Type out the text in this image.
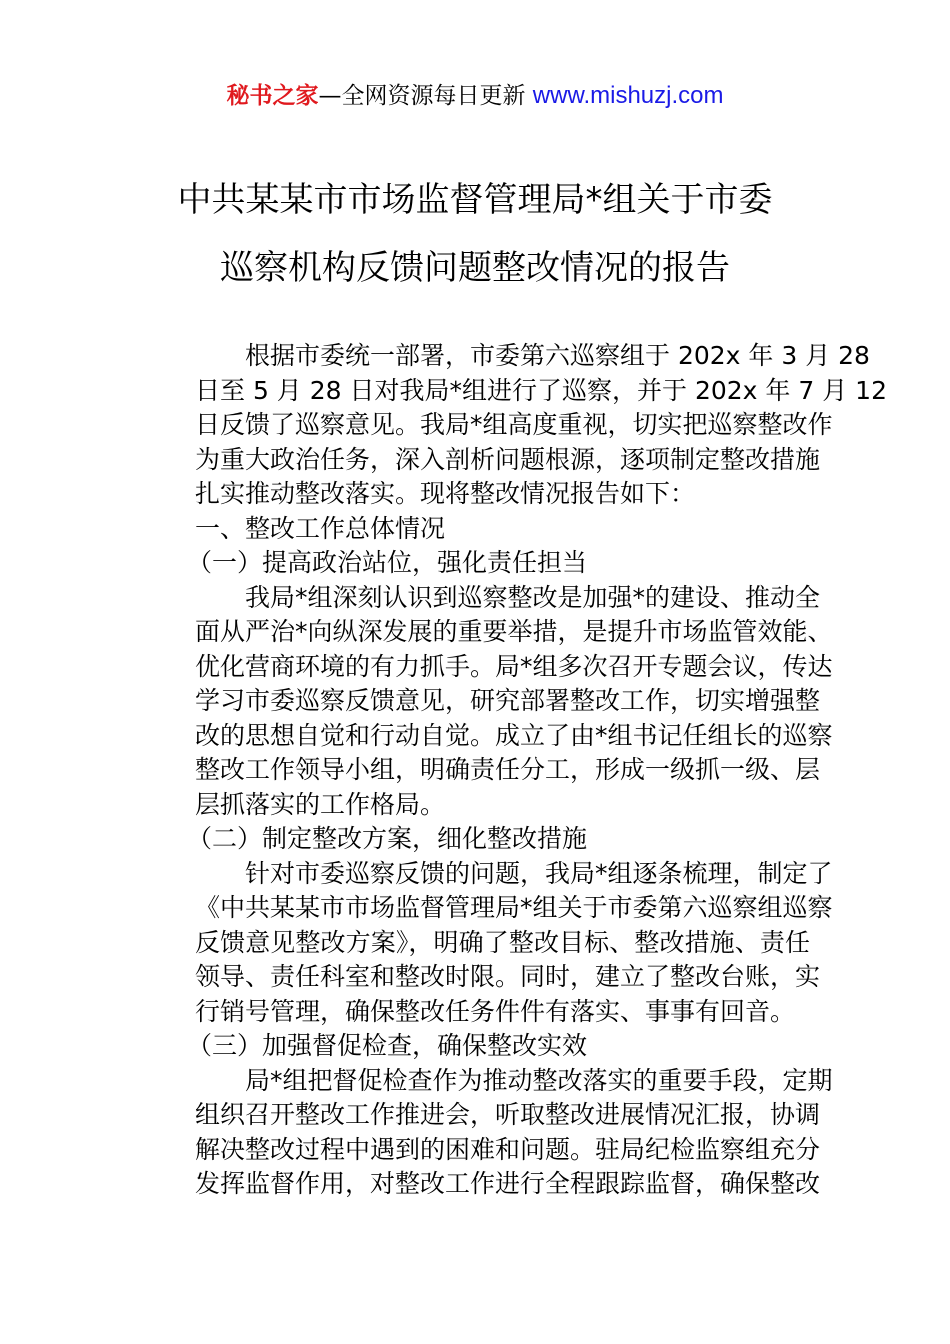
秘书之家—全网资源每日更新 www.mishuzj.com
中共某某市市场监督管理局*组关于市委
巡察机构反馈问题整改情况的报告
根据市委统一部署，市委第六巡察组于 202x 年 3 月 28
日至 5 月 28 日对我局*组进行了巡察，并于 202x 年 7 月 12
日反馈了巡察意见。我局*组高度重视，切实把巡察整改作
为重大政治任务，深入剖析问题根源，逐项制定整改措施
扎实推动整改落实。现将整改情况报告如下：
一、整改工作总体情况
（一）提高政治站位，强化责任担当
我局*组深刻认识到巡察整改是加强*的建设、推动全
面从严治*向纵深发展的重要举措，是提升市场监管效能、
优化营商环境的有力抓手。局*组多次召开专题会议，传达
学习市委巡察反馈意见，研究部署整改工作，切实增强整
改的思想自觉和行动自觉。成立了由*组书记任组长的巡察
整改工作领导小组，明确责任分工，形成一级抓一级、层
层抓落实的工作格局。
（二）制定整改方案，细化整改措施
针对市委巡察反馈的问题，我局*组逐条梳理，制定了
《中共某某市市场监督管理局*组关于市委第六巡察组巡察
反馈意见整改方案》，明确了整改目标、整改措施、责任
领导、责任科室和整改时限。同时，建立了整改台账，实
行销号管理，确保整改任务件件有落实、事事有回音。
（三）加强督促检查，确保整改实效
局*组把督促检查作为推动整改落实的重要手段，定期
组织召开整改工作推进会，听取整改进展情况汇报，协调
解决整改过程中遇到的困难和问题。驻局纪检监察组充分
发挥监督作用，对整改工作进行全程跟踪监督，确保整改
